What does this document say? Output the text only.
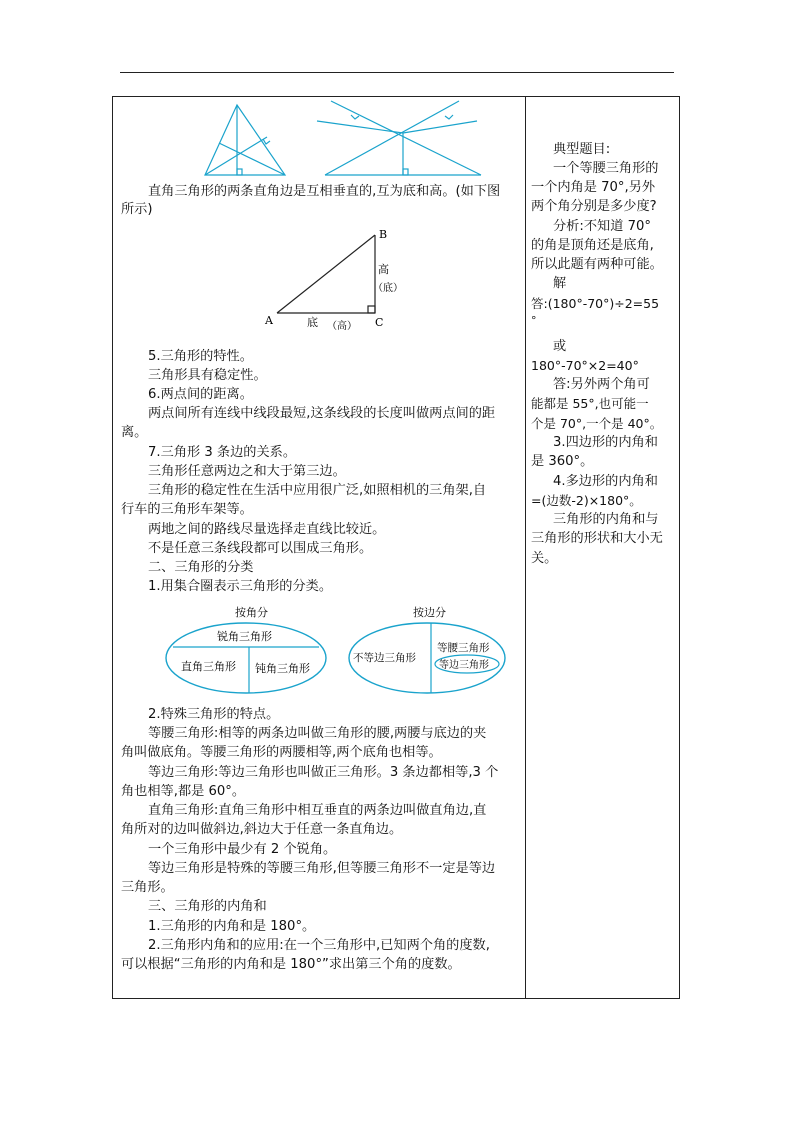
直角三角形的两条直角边是互相垂直的,互为底和高。(如下图
所示)
B
A	C
高
（底）
底 （高）
5.三角形的特性。
三角形具有稳定性。
6.两点间的距离。
两点间所有连线中线段最短,这条线段的长度叫做两点间的距
离。
7.三角形 3 条边的关系。
三角形任意两边之和大于第三边。
三角形的稳定性在生活中应用很广泛,如照相机的三角架,自
行车的三角形车架等。
两地之间的路线尽量选择走直线比较近。
不是任意三条线段都可以围成三角形。
二、三角形的分类
1.用集合圈表示三角形的分类。
按角分
锐角三角形
直角三角形 钝角三角形
按边分
不等边三角形
等腰三角形
等边三角形
2.特殊三角形的特点。
等腰三角形:相等的两条边叫做三角形的腰,两腰与底边的夹
角叫做底角。等腰三角形的两腰相等,两个底角也相等。
等边三角形:等边三角形也叫做正三角形。3 条边都相等,3 个
角也相等,都是 60°。
直角三角形:直角三角形中相互垂直的两条边叫做直角边,直
角所对的边叫做斜边,斜边大于任意一条直角边。
一个三角形中最少有 2 个锐角。
等边三角形是特殊的等腰三角形,但等腰三角形不一定是等边
三角形。
三、三角形的内角和
1.三角形的内角和是 180°。
2.三角形内角和的应用:在一个三角形中,已知两个角的度数,
可以根据“三角形的内角和是 180°”求出第三个角的度数。
典型题目:
一个等腰三角形的
一个内角是 70°,另外
两个角分别是多少度?
分析:不知道 70°
的角是顶角还是底角,
所以此题有两种可能。
解
答:(180°-70°)÷2=55
°
或
180°-70°×2=40°
答:另外两个角可
能都是 55°,也可能一
个是 70°,一个是 40°。
3.四边形的内角和
是 360°。
4.多边形的内角和
=(边数-2)×180°。
三角形的内角和与
三角形的形状和大小无
关。
